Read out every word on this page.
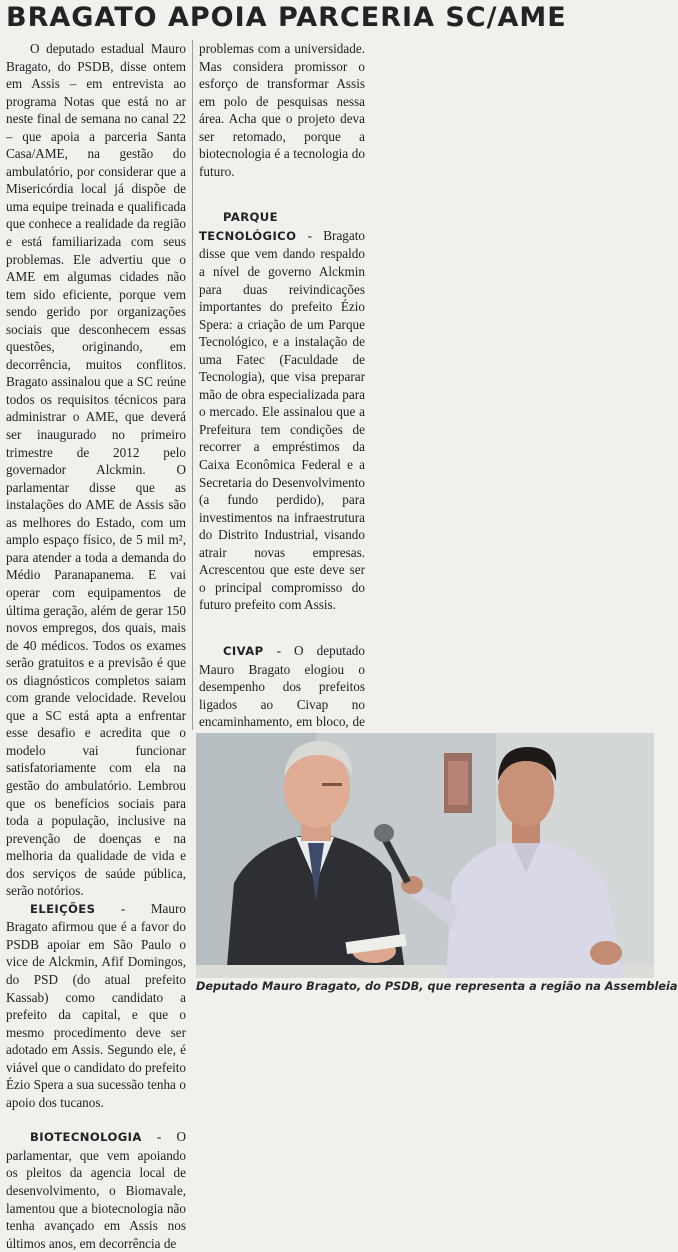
BRAGATO APOIA PARCERIA SC/AME

O deputado estadual Mauro Bragato, do PSDB, disse ontem em Assis – em entrevista ao programa Notas que está no ar neste final de semana no canal 22 – que apoia a parceria Santa Casa/AME, na gestão do ambulatório, por considerar que a Misericórdia local já dispõe de uma equipe treinada e qualificada que conhece a realidade da região e está familiarizada com seus problemas. Ele advertiu que o AME em algumas cidades não tem sido eficiente, porque vem sendo gerido por organizações sociais que desconhecem essas questões, originando, em decorrência, muitos conflitos. Bragato assinalou que a SC reúne todos os requisitos técnicos para administrar o AME, que deverá ser inaugurado no primeiro trimestre de 2012 pelo governador Alckmin. O parlamentar disse que as instalações do AME de Assis são as melhores do Estado, com um amplo espaço físico, de 5 mil m², para atender a toda a demanda do Médio Paranapanema. E vai operar com equipamentos de última geração, além de gerar 150 novos empregos, dos quais, mais de 40 médicos. Todos os exames serão gratuitos e a previsão é que os diagnósticos completos saiam com grande velocidade. Revelou que a SC está apta a enfrentar esse desafio e acredita que o modelo vai funcionar satisfatoriamente com ela na gestão do ambulatório. Lembrou que os benefícios sociais para toda a população, inclusive na prevenção de doenças e na melhoria da qualidade de vida e dos serviços de saúde pública, serão notórios.

ELEIÇÕES - Mauro Bragato afirmou que é a favor do PSDB apoiar em São Paulo o vice de Alckmin, Afif Domingos, do PSD (do atual prefeito Kassab) como candidato a prefeito da capital, e que o mesmo procedimento deve ser adotado em Assis. Segundo ele, é viável que o candidato do prefeito Ézio Spera a sua sucessão tenha o apoio dos tucanos.

BIOTECNOLOGIA - O parlamentar, que vem apoiando os pleitos da agencia local de desenvolvimento, o Biomavale, lamentou que a biotecnologia não tenha avançado em Assis nos últimos anos, em decorrência de

problemas com a universidade. Mas considera promissor o esforço de transformar Assis em polo de pesquisas nessa área. Acha que o projeto deva ser retomado, porque a biotecnologia é a tecnologia do futuro.

PARQUE TECNOLÓGICO - Bragato disse que vem dando respaldo a nível de governo Alckmin para duas reivindicações importantes do prefeito Ézio Spera: a criação de um Parque Tecnológico, e a instalação de uma Fatec (Faculdade de Tecnologia), que visa preparar mão de obra especializada para o mercado. Ele assinalou que a Prefeitura tem condições de recorrer a empréstimos da Caixa Econômica Federal e a Secretaria do Desenvolvimento (a fundo perdido), para investimentos na infraestrutura do Distrito Industrial, visando atrair novas empresas. Acrescentou que este deve ser o principal compromisso do futuro prefeito com Assis.

CIVAP - O deputado Mauro Bragato elogiou o desempenho dos prefeitos ligados ao Civap no encaminhamento, em bloco, de

Deputado Mauro Bragato, do PSDB, que representa a região na Assembleia
